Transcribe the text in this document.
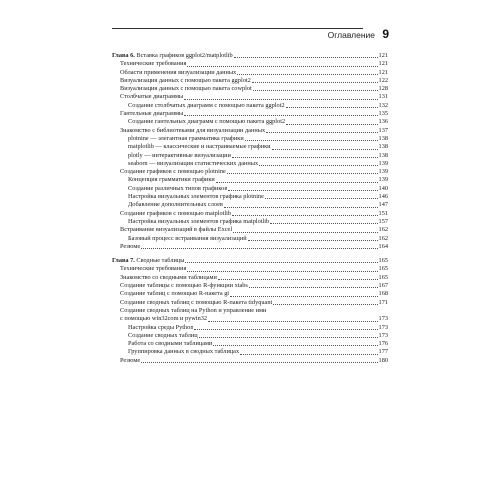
Оглавление 9
Глава 6. Вставка графиков ggplot2/matplotlib	121
Технические требования	121
Области применения визуализации данных	121
Визуализация данных с помощью пакета ggplot2	122
Визуализация данных с помощью пакета cowplot	128
Столбчатые диаграммы	131
Создание столбчатых диаграмм с помощью пакета ggplot2	132
Гантельные диаграммы	135
Создание гантельных диаграмм с помощью пакета ggplot2	136
Знакомство с библиотеками для визуализации данных	137
plotnine — элегантная грамматика графики	138
matplotlib — классические и настраиваемые графики	138
plotly — интерактивные визуализации	138
seaborn — визуализация статистических данных	139
Создание графиков с помощью plotnine	139
Концепция грамматики графики	139
Создание различных типов графиков	140
Настройка визуальных элементов графика plotnine	146
Добавление дополнительных слоев	147
Создание графиков с помощью matplotlib	151
Настройка визуальных элементов графика matplotlib	157
Встраивание визуализаций в файлы Excel	162
Базовый процесс встраивания визуализаций	162
Резюме	164
Глава 7. Сводные таблицы	165
Технические требования	165
Знакомство со сводными таблицами	165
Создание таблицы с помощью R-функции xtabs	167
Создание таблиц с помощью R-пакета gt	168
Создание сводных таблиц с помощью R-пакета tidyquant	171
Создание сводных таблиц на Python и управление ими
с помощью win32com и pywin32	173
Настройка среды Python	173
Создание сводных таблиц	173
Работа со сводными таблицами	176
Группировка данных в сводных таблицах	177
Резюме	180
